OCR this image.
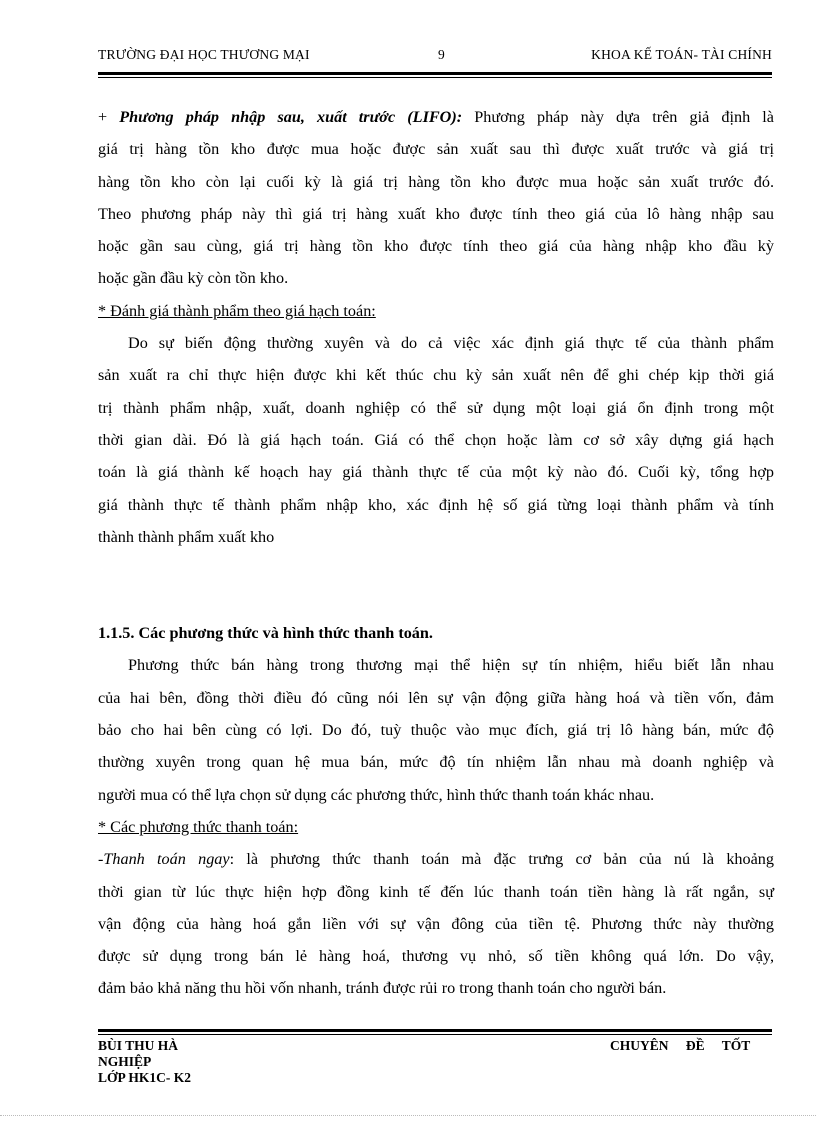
TRƯỜNG ĐẠI HỌC THƯƠNG MẠI	9	KHOA KẾ TOÁN- TÀI CHÍNH
+ Phương pháp nhập sau, xuất trước (LIFO): Phương pháp này dựa trên giả định là
giá trị hàng tồn kho được mua hoặc được sản xuất sau thì được xuất trước và giá trị
hàng tồn kho còn lại cuối kỳ là giá trị hàng tồn kho được mua hoặc sản xuất trước đó.
Theo phương pháp này thì giá trị hàng xuất kho được tính theo giá của lô hàng nhập sau
hoặc gần sau cùng, giá trị hàng tồn kho được tính theo giá của hàng nhập kho đầu kỳ
hoặc gần đầu kỳ còn tồn kho.
* Đánh giá thành phẩm theo giá hạch toán:
Do sự biến động thường xuyên và do cả việc xác định giá thực tế của thành phẩm
sản xuất ra chỉ thực hiện được khi kết thúc chu kỳ sản xuất nên để ghi chép kịp thời giá
trị thành phẩm nhập, xuất, doanh nghiệp có thể sử dụng một loại giá ổn định trong một
thời gian dài. Đó là giá hạch toán. Giá có thể chọn hoặc làm cơ sở xây dựng giá hạch
toán là giá thành kế hoạch hay giá thành thực tế của một kỳ nào đó. Cuối kỳ, tổng hợp
giá thành thực tế thành phẩm nhập kho, xác định hệ số giá từng loại thành phẩm và tính
thành thành phẩm xuất kho
1.1.5. Các phương thức và hình thức thanh toán.
Phương thức bán hàng trong thương mại thể hiện sự tín nhiệm, hiểu biết lẫn nhau
của hai bên, đồng thời điều đó cũng nói lên sự vận động giữa hàng hoá và tiền vốn, đảm
bảo cho hai bên cùng có lợi. Do đó, tuỳ thuộc vào mục đích, giá trị lô hàng bán, mức độ
thường xuyên trong quan hệ mua bán, mức độ tín nhiệm lẫn nhau mà doanh nghiệp và
người mua có thể lựa chọn sử dụng các phương thức, hình thức thanh toán khác nhau.
* Các phương thức thanh toán:
-Thanh toán ngay: là phương thức thanh toán mà đặc trưng cơ bản của nú là khoảng
thời gian từ lúc thực hiện hợp đồng kinh tế đến lúc thanh toán tiền hàng là rất ngắn, sự
vận động của hàng hoá gắn liền với sự vận đông của tiền tệ. Phương thức này thường
được sử dụng trong bán lẻ hàng hoá, thương vụ nhỏ, số tiền không quá lớn. Do vậy,
đảm bảo khả năng thu hồi vốn nhanh, tránh được rủi ro trong thanh toán cho người bán.
BÙI THU HÀ
NGHIỆP
LỚP HK1C- K2
CHUYÊN ĐỀ TỐT
